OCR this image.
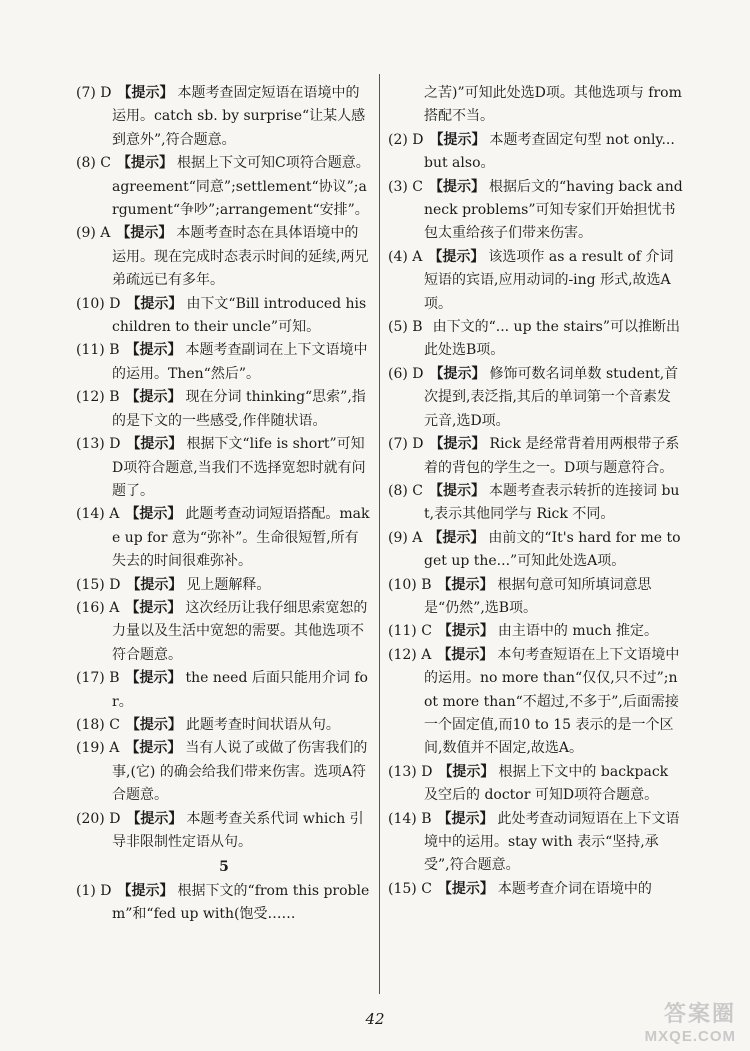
(7) D 【提示】 本题考查固定短语在语境中的运用。catch sb. by surprise“让某人感到意外”,符合题意。

(8) C 【提示】 根据上下文可知C项符合题意。agreement“同意”;settlement“协议”;argument“争吵”;arrangement“安排”。

(9) A 【提示】 本题考查时态在具体语境中的运用。现在完成时态表示时间的延续,两兄弟疏远已有多年。

(10) D 【提示】 由下文“Bill introduced his children to their uncle”可知。

(11) B 【提示】 本题考查副词在上下文语境中的运用。Then“然后”。

(12) B 【提示】 现在分词 thinking“思索”,指的是下文的一些感受,作伴随状语。

(13) D 【提示】 根据下文“life is short”可知D项符合题意,当我们不选择宽恕时就有问题了。

(14) A 【提示】 此题考查动词短语搭配。make up for 意为“弥补”。生命很短暂,所有失去的时间很难弥补。

(15) D 【提示】 见上题解释。

(16) A 【提示】 这次经历让我仔细思索宽恕的力量以及生活中宽恕的需要。其他选项不符合题意。

(17) B 【提示】 the need 后面只能用介词 for。

(18) C 【提示】 此题考查时间状语从句。

(19) A 【提示】 当有人说了或做了伤害我们的事,(它) 的确会给我们带来伤害。选项A符合题意。

(20) D 【提示】 本题考查关系代词 which 引导非限制性定语从句。

5

(1) D 【提示】 根据下文的“from this problem”和“fed up with(饱受……

之苦)”可知此处选D项。其他选项与 from 搭配不当。

(2) D 【提示】 本题考查固定句型 not only... but also。

(3) C 【提示】 根据后文的“having back and neck problems”可知专家们开始担忧书包太重给孩子们带来伤害。

(4) A 【提示】 该选项作 as a result of 介词短语的宾语,应用动词的-ing 形式,故选A项。

(5) B 由下文的“... up the stairs”可以推断出此处选B项。

(6) D 【提示】 修饰可数名词单数 student,首次提到,表泛指,其后的单词第一个音素发元音,选D项。

(7) D 【提示】 Rick 是经常背着用两根带子系着的背包的学生之一。D项与题意符合。

(8) C 【提示】 本题考查表示转折的连接词 but,表示其他同学与 Rick 不同。

(9) A 【提示】 由前文的“It's hard for me to get up the...”可知此处选A项。

(10) B 【提示】 根据句意可知所填词意思是“仍然”,选B项。

(11) C 【提示】 由主语中的 much 推定。

(12) A 【提示】 本句考查短语在上下文语境中的运用。no more than“仅仅,只不过”;not more than“不超过,不多于”,后面需接一个固定值,而10 to 15 表示的是一个区间,数值并不固定,故选A。

(13) D 【提示】 根据上下文中的 backpack 及空后的 doctor 可知D项符合题意。

(14) B 【提示】 此处考查动词短语在上下文语境中的运用。stay with 表示“坚持,承受”,符合题意。

(15) C 【提示】 本题考查介词在语境中的

42	答案圈
MXQE.COM
